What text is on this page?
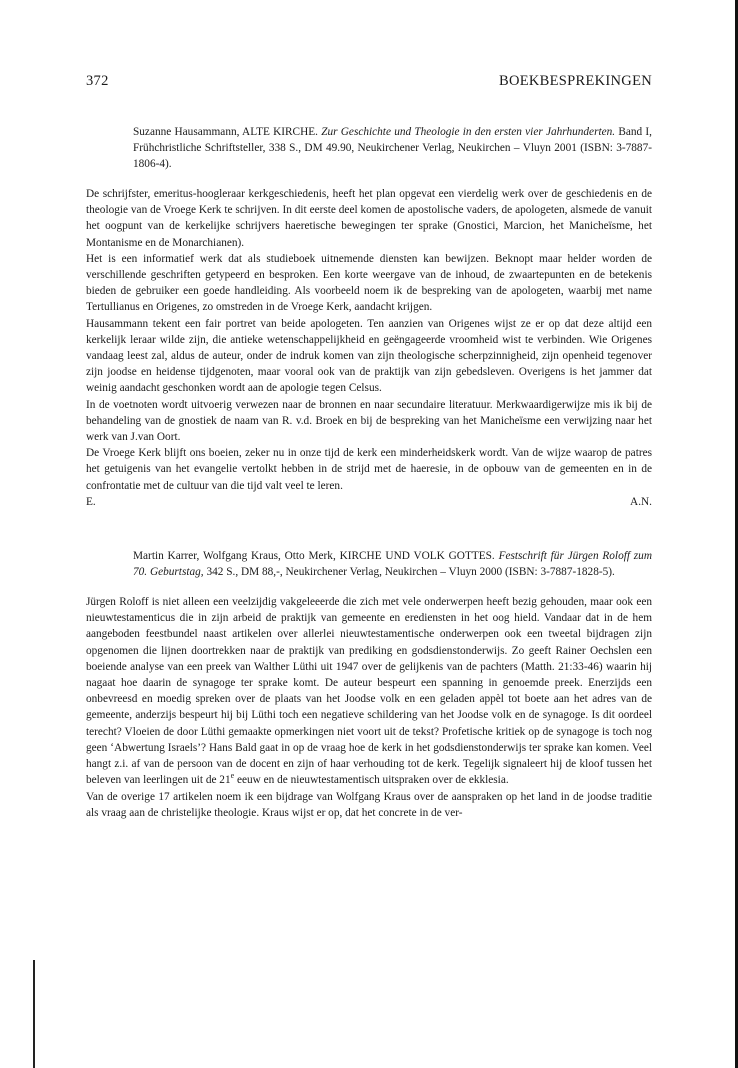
372	BOEKBESPREKINGEN
Suzanne Hausammann, ALTE KIRCHE. Zur Geschichte und Theologie in den ersten vier Jahrhunderten. Band I, Frühchristliche Schriftsteller, 338 S., DM 49.90, Neukirchener Verlag, Neukirchen – Vluyn 2001 (ISBN: 3-7887-1806-4).

De schrijfster, emeritus-hoogleraar kerkgeschiedenis, heeft het plan opgevat een vierdelig werk over de geschiedenis en de theologie van de Vroege Kerk te schrijven. In dit eerste deel komen de apostolische vaders, de apologeten, alsmede de vanuit het oogpunt van de kerkelijke schrijvers haeretische bewegingen ter sprake (Gnostici, Marcion, het Manicheïsme, het Montanisme en de Monarchianen).

Het is een informatief werk dat als studieboek uitnemende diensten kan bewijzen. Beknopt maar helder worden de verschillende geschriften getypeerd en besproken. Een korte weergave van de inhoud, de zwaartepunten en de betekenis bieden de gebruiker een goede handleiding. Als voorbeeld noem ik de bespreking van de apologeten, waarbij met name Tertullianus en Origenes, zo omstreden in de Vroege Kerk, aandacht krijgen.

Hausammann tekent een fair portret van beide apologeten. Ten aanzien van Origenes wijst ze er op dat deze altijd een kerkelijk leraar wilde zijn, die antieke wetenschappelijkheid en geëngageerde vroomheid wist te verbinden. Wie Origenes vandaag leest zal, aldus de auteur, onder de indruk komen van zijn theologische scherpzinnigheid, zijn openheid tegenover zijn joodse en heidense tijdgenoten, maar vooral ook van de praktijk van zijn gebedsleven. Overigens is het jammer dat weinig aandacht geschonken wordt aan de apologie tegen Celsus.

In de voetnoten wordt uitvoerig verwezen naar de bronnen en naar secundaire literatuur. Merkwaardigerwijze mis ik bij de behandeling van de gnostiek de naam van R. v.d. Broek en bij de bespreking van het Manicheïsme een verwijzing naar het werk van J.van Oort.

De Vroege Kerk blijft ons boeien, zeker nu in onze tijd de kerk een minderheidskerk wordt. Van de wijze waarop de patres het getuigenis van het evangelie vertolkt hebben in de strijd met de haeresie, in de opbouw van de gemeenten en in de confrontatie met de cultuur van die tijd valt veel te leren.

E.	A.N.
Martin Karrer, Wolfgang Kraus, Otto Merk, KIRCHE UND VOLK GOTTES. Festschrift für Jürgen Roloff zum 70. Geburtstag, 342 S., DM 88,-, Neukirchener Verlag, Neukirchen – Vluyn 2000 (ISBN: 3-7887-1828-5).

Jürgen Roloff is niet alleen een veelzijdig vakgeleeerde die zich met vele onderwerpen heeft bezig gehouden, maar ook een nieuwtestamenticus die in zijn arbeid de praktijk van gemeente en erediensten in het oog hield. Vandaar dat in de hem aangeboden feestbundel naast artikelen over allerlei nieuwtestamentische onderwerpen ook een tweetal bijdragen zijn opgenomen die lijnen doortrekken naar de praktijk van prediking en godsdienstonderwijs. Zo geeft Rainer Oechslen een boeiende analyse van een preek van Walther Lüthi uit 1947 over de gelijkenis van de pachters (Matth. 21:33-46) waarin hij nagaat hoe daarin de synagoge ter sprake komt. De auteur bespeurt een spanning in genoemde preek. Enerzijds een onbevreesd en moedig spreken over de plaats van het Joodse volk en een geladen appèl tot boete aan het adres van de gemeente, anderzijs bespeurt hij bij Lüthi toch een negatieve schildering van het Joodse volk en de synagoge. Is dit oordeel terecht? Vloeien de door Lüthi gemaakte opmerkingen niet voort uit de tekst? Profetische kritiek op de synagoge is toch nog geen ‘Abwertung Israels’? Hans Bald gaat in op de vraag hoe de kerk in het godsdienstonderwijs ter sprake kan komen. Veel hangt z.i. af van de persoon van de docent en zijn of haar verhouding tot de kerk. Tegelijk signaleert hij de kloof tussen het beleven van leerlingen uit de 21e eeuw en de nieuwtestamentisch uitspraken over de ekklesia.

Van de overige 17 artikelen noem ik een bijdrage van Wolfgang Kraus over de aanspraken op het land in de joodse traditie als vraag aan de christelijke theologie. Kraus wijst er op, dat het concrete in de ver-
